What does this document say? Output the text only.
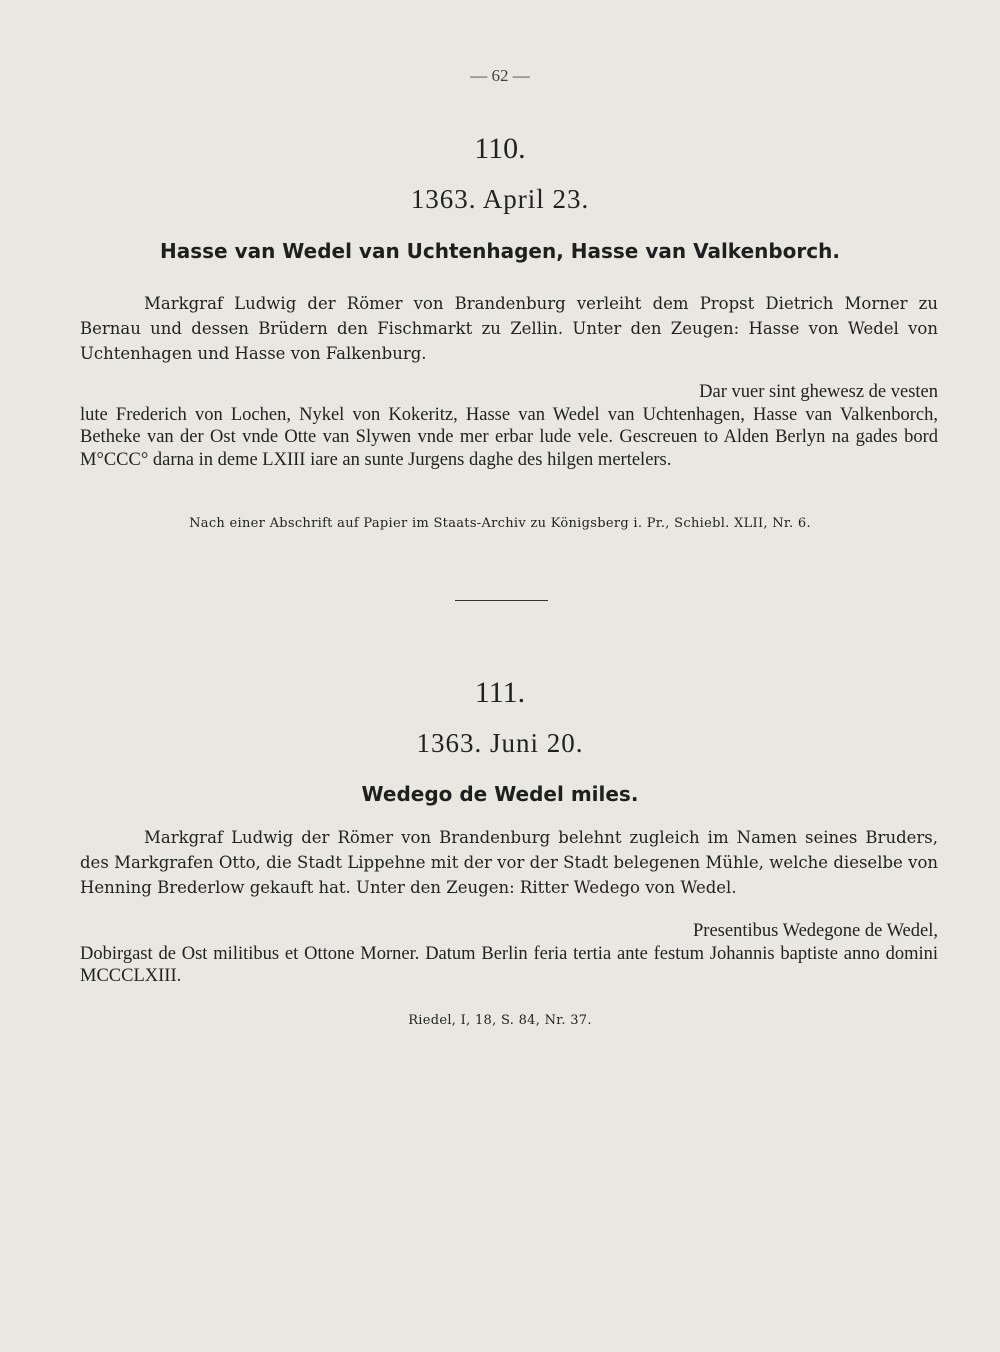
— 62 —
110.
1363. April 23.
Hasse van Wedel van Uchtenhagen, Hasse van Valkenborch.
Markgraf Ludwig der Römer von Brandenburg verleiht dem Propst Dietrich Morner zu Bernau und dessen Brüdern den Fischmarkt zu Zellin. Unter den Zeugen: Hasse von Wedel von Uchtenhagen und Hasse von Falkenburg.
Dar vuer sint ghewesz de vesten
lute Frederich von Lochen, Nykel von Kokeritz, Hasse van Wedel van Uchtenhagen, Hasse van Valkenborch, Betheke van der Ost vnde Otte van Slywen vnde mer erbar lude vele. Gescreuen to Alden Berlyn na gades bord M°CCC° darna in deme LXIII iare an sunte Jurgens daghe des hilgen mertelers.
Nach einer Abschrift auf Papier im Staats-Archiv zu Königsberg i. Pr., Schiebl. XLII, Nr. 6.
111.
1363. Juni 20.
Wedego de Wedel miles.
Markgraf Ludwig der Römer von Brandenburg belehnt zugleich im Namen seines Bruders, des Markgrafen Otto, die Stadt Lippehne mit der vor der Stadt belegenen Mühle, welche dieselbe von Henning Brederlow gekauft hat. Unter den Zeugen: Ritter Wedego von Wedel.
Presentibus Wedegone de Wedel,
Dobirgast de Ost militibus et Ottone Morner. Datum Berlin feria tertia ante festum Johannis baptiste anno domini MCCCLXIII.
Riedel, I, 18, S. 84, Nr. 37.
